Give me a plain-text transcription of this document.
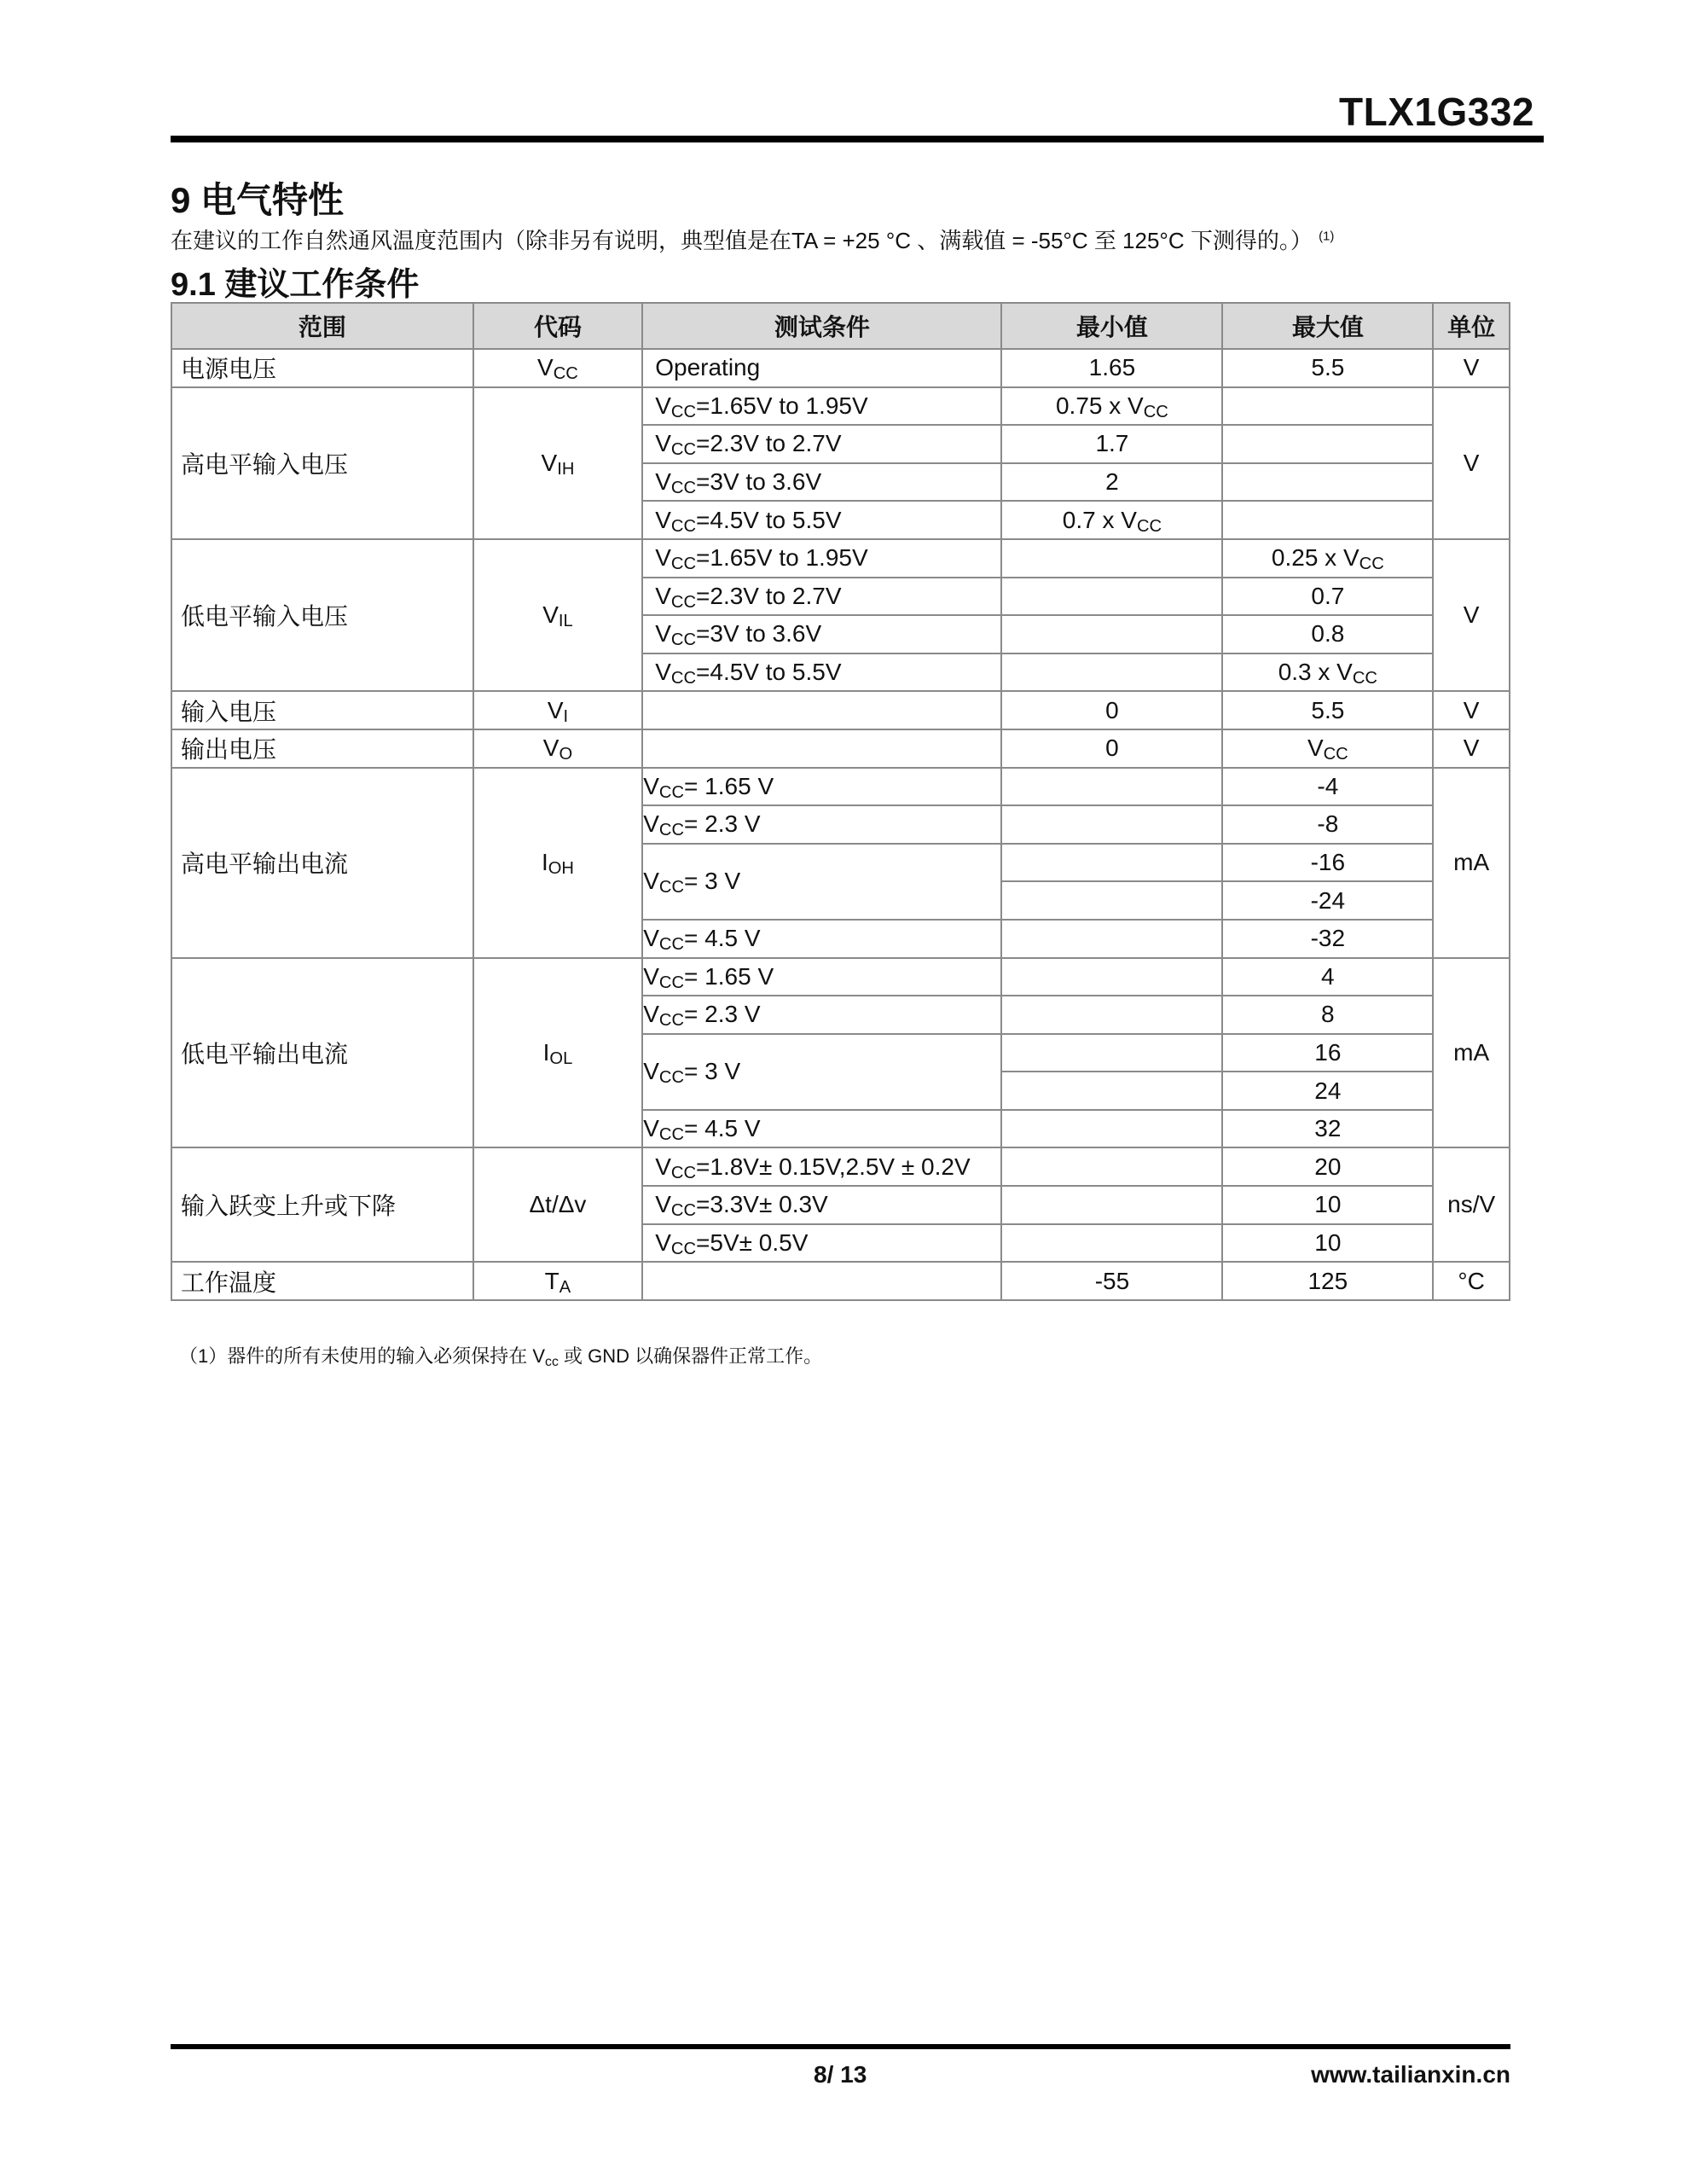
TLX1G332
9 电气特性
在建议的工作自然通风温度范围内（除非另有说明，典型值是在TA = +25 °C 、满载值 = -55°C 至 125°C 下测得的。） $^{(1)}$
9.1 建议工作条件
范围	代码	测试条件	最小值	最大值	单位
电源电压	VCC	Operating	1.65	5.5	V
高电平输入电压	VIH	VCC=1.65V to 1.95V	0.75 x VCC		V
		VCC=2.3V to 2.7V	1.7		
		VCC=3V to 3.6V	2		
		VCC=4.5V to 5.5V	0.7 x VCC		
低电平输入电压	VIL	VCC=1.65V to 1.95V		0.25 x VCC	V
		VCC=2.3V to 2.7V		0.7	
		VCC=3V to 3.6V		0.8	
		VCC=4.5V to 5.5V		0.3 x VCC	
输入电压	VI		0	5.5	V
输出电压	VO		0	VCC	V
高电平输出电流	IOH	VCC= 1.65 V		-4	mA
		VCC= 2.3 V		-8	
		VCC= 3 V		-16	
				-24	
		VCC= 4.5 V		-32	
低电平输出电流	IOL	VCC= 1.65 V		4	mA
		VCC= 2.3 V		8	
		VCC= 3 V		16	
				24	
		VCC= 4.5 V		32	
输入跃变上升或下降	Δt/Δv	VCC=1.8V± 0.15V,2.5V ± 0.2V		20	ns/V
		VCC=3.3V± 0.3V		10	
		VCC=5V± 0.5V		10	
工作温度	TA		-55	125	°C
（1）器件的所有未使用的输入必须保持在 Vcc 或 GND 以确保器件正常工作。
8/ 13	www.tailianxin.cn
